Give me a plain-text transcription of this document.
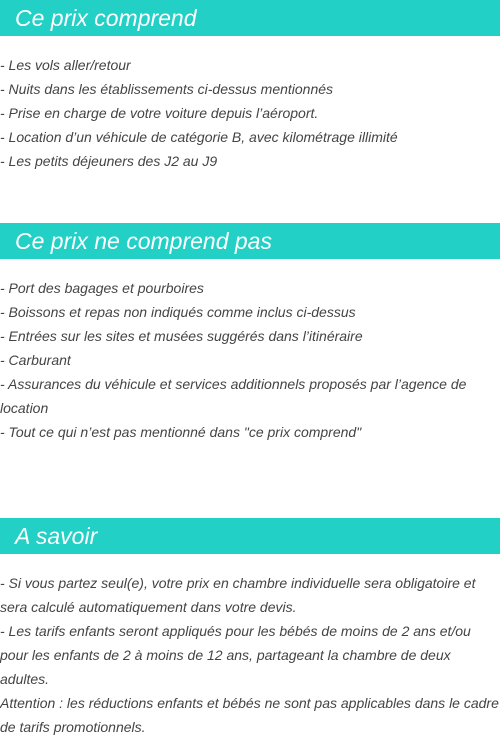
Ce prix comprend
- Les vols aller/retour
- Nuits dans les établissements ci-dessus mentionnés
- Prise en charge de votre voiture depuis l’aéroport.
- Location d’un véhicule de catégorie B, avec kilométrage illimité
- Les petits déjeuners des J2 au J9
Ce prix ne comprend pas
- Port des bagages et pourboires
- Boissons et repas non indiqués comme inclus ci-dessus
- Entrées sur les sites et musées suggérés dans l’itinéraire
- Carburant
- Assurances du véhicule et services additionnels proposés par l’agence de location
- Tout ce qui n’est pas mentionné dans "ce prix comprend"
A savoir
- Si vous partez seul(e), votre prix en chambre individuelle sera obligatoire et sera calculé automatiquement dans votre devis.
- Les tarifs enfants seront appliqués pour les bébés de moins de 2 ans et/ou pour les enfants de 2 à moins de 12 ans, partageant la chambre de deux adultes.
Attention : les réductions enfants et bébés ne sont pas applicables dans le cadre de tarifs promotionnels.
